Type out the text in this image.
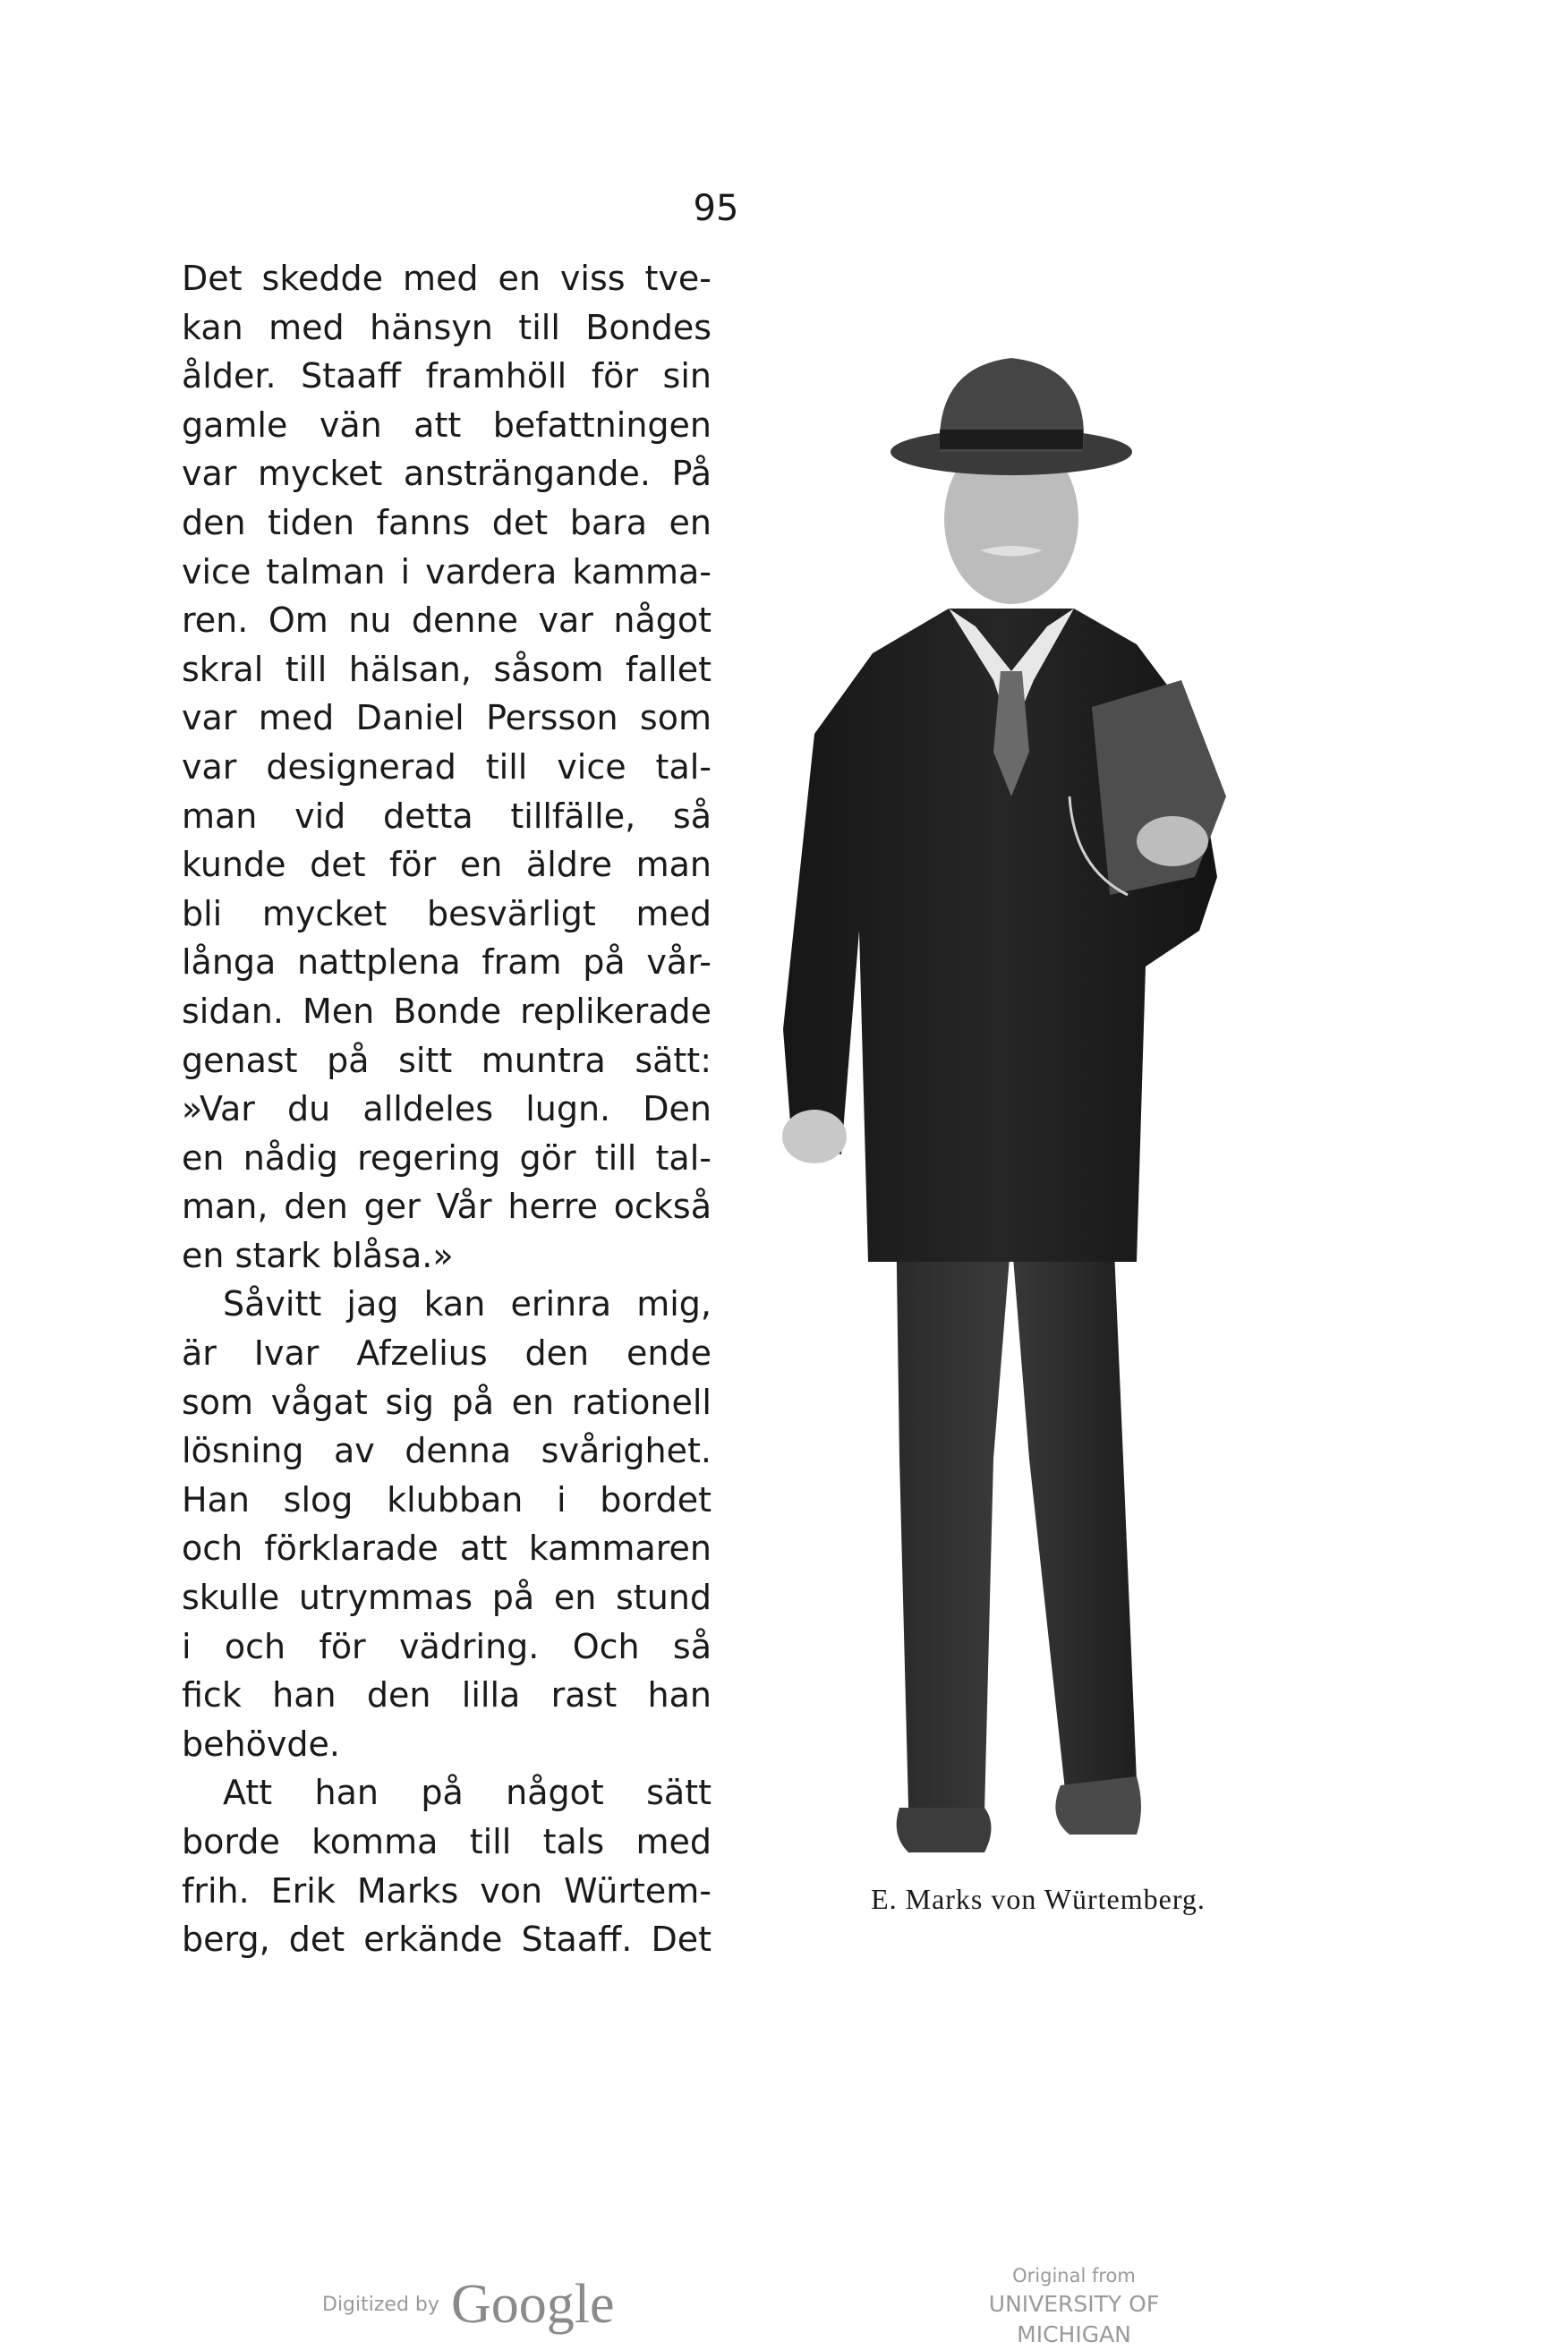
95
Det skedde med en viss tve-
kan med hänsyn till Bondes
ålder. Staaff framhöll för sin
gamle vän att befattningen
var mycket ansträngande. På
den tiden fanns det bara en
vice talman i vardera kamma-
ren. Om nu denne var något
skral till hälsan, såsom fallet
var med Daniel Persson som
var designerad till vice tal-
man vid detta tillfälle, så
kunde det för en äldre man
bli mycket besvärligt med
långa nattplena fram på vår-
sidan. Men Bonde replikerade
genast på sitt muntra sätt:
»Var du alldeles lugn. Den
en nådig regering gör till tal-
man, den ger Vår herre också
en stark blåsa.»
Såvitt jag kan erinra mig,
är Ivar Afzelius den ende
som vågat sig på en rationell
lösning av denna svårighet.
Han slog klubban i bordet
och förklarade att kammaren
skulle utrymmas på en stund
i och för vädring. Och så
fick han den lilla rast han
behövde.
Att han på något sätt
borde komma till tals med
frih. Erik Marks von Würtem-
berg, det erkände Staaff. Det
E. Marks von Würtemberg.
Digitized by Google	Original from
UNIVERSITY OF MICHIGAN
